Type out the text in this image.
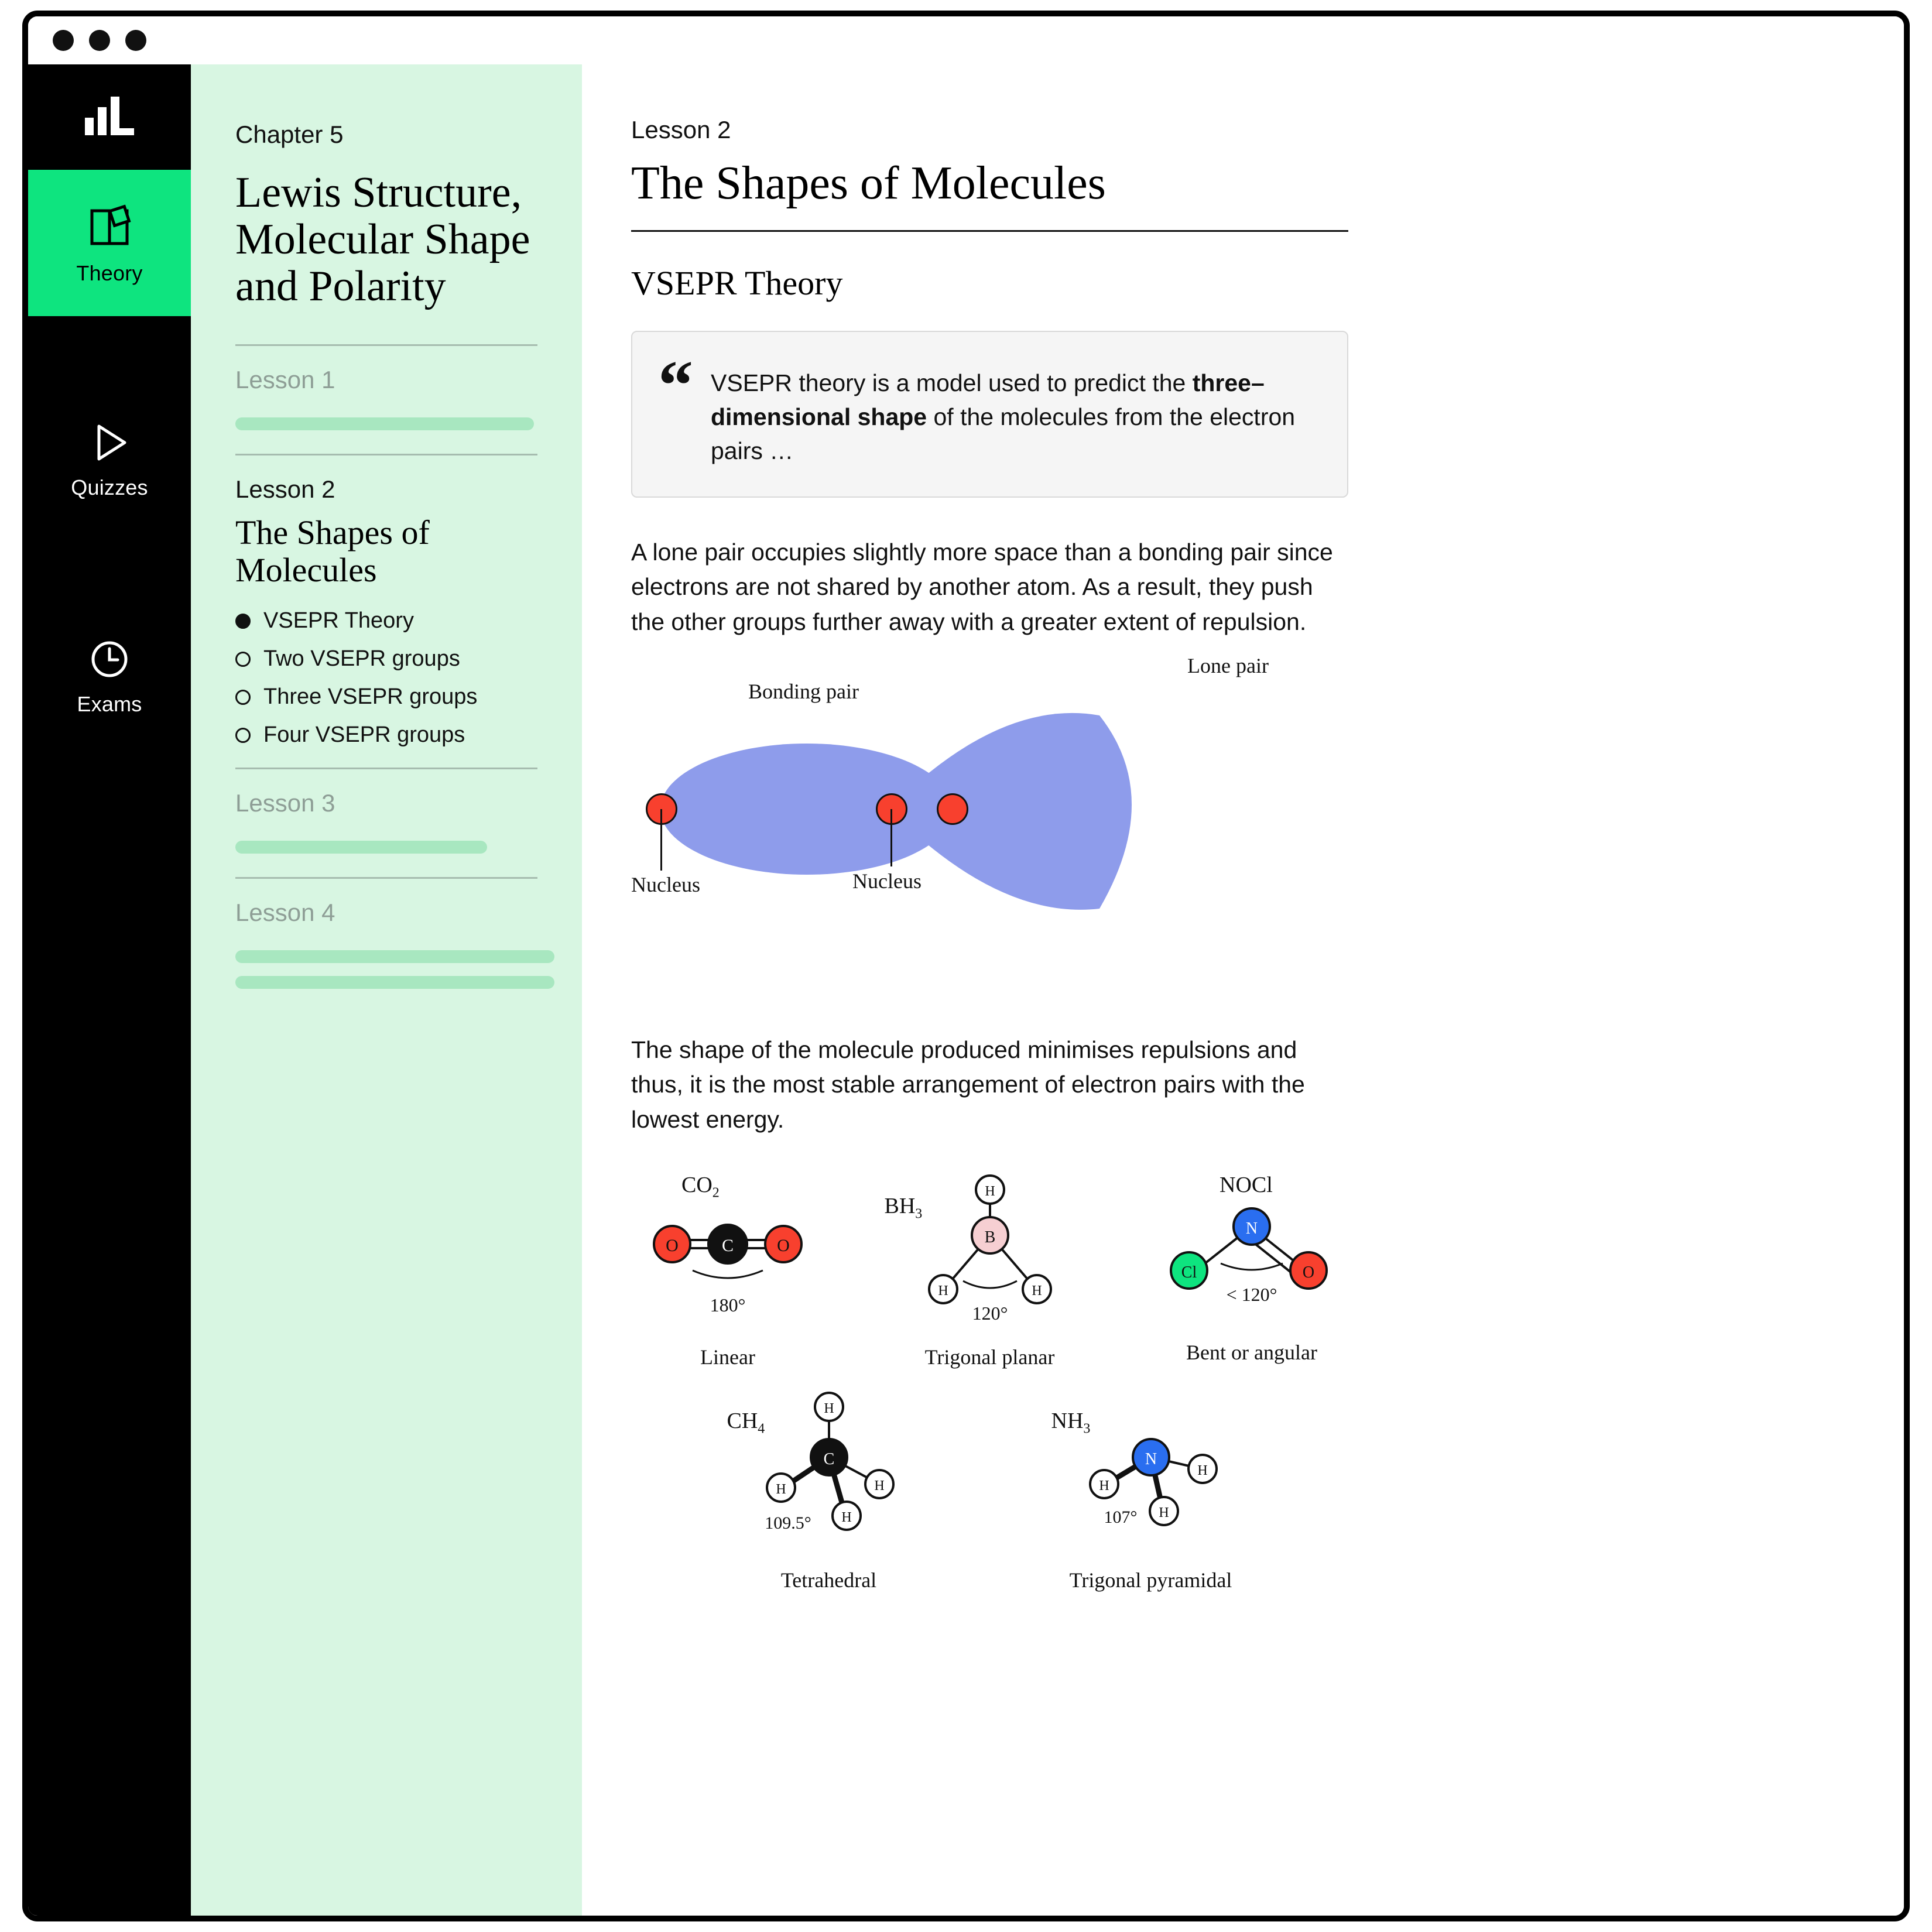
Theory
Quizzes
Exams
Chapter 5
Lewis Structure, Molecular Shape and Polarity
Lesson 1
Lesson 2
The Shapes of Molecules
VSEPR Theory
Two VSEPR groups
Three VSEPR groups
Four VSEPR groups
Lesson 3
Lesson 4
Lesson 2
The Shapes of Molecules
VSEPR Theory
“ VSEPR theory is a model used to predict the three–dimensional shape of the molecules from the electron pairs …

A lone pair occupies slightly more space than a bonding pair since electrons are not shared by another atom. As a result, they push the other groups further away with a greater extent of repulsion.

Bonding pair
Lone pair
Nucleus	Nucleus

The shape of the molecule produced minimises repulsions and thus, it is the most stable arrangement of electron pairs with the lowest energy.

$CO_2$
O C O
180°
Linear
$BH_3$
B
H
H	H
120°
Trigonal planar
NOCl
N
Cl	O
< 120°
Bent or angular
$CH_4$
C
H
H
H
H
109.5°
Tetrahedral
$NH_3$
N
H
H
H
107°
Trigonal pyramidal
